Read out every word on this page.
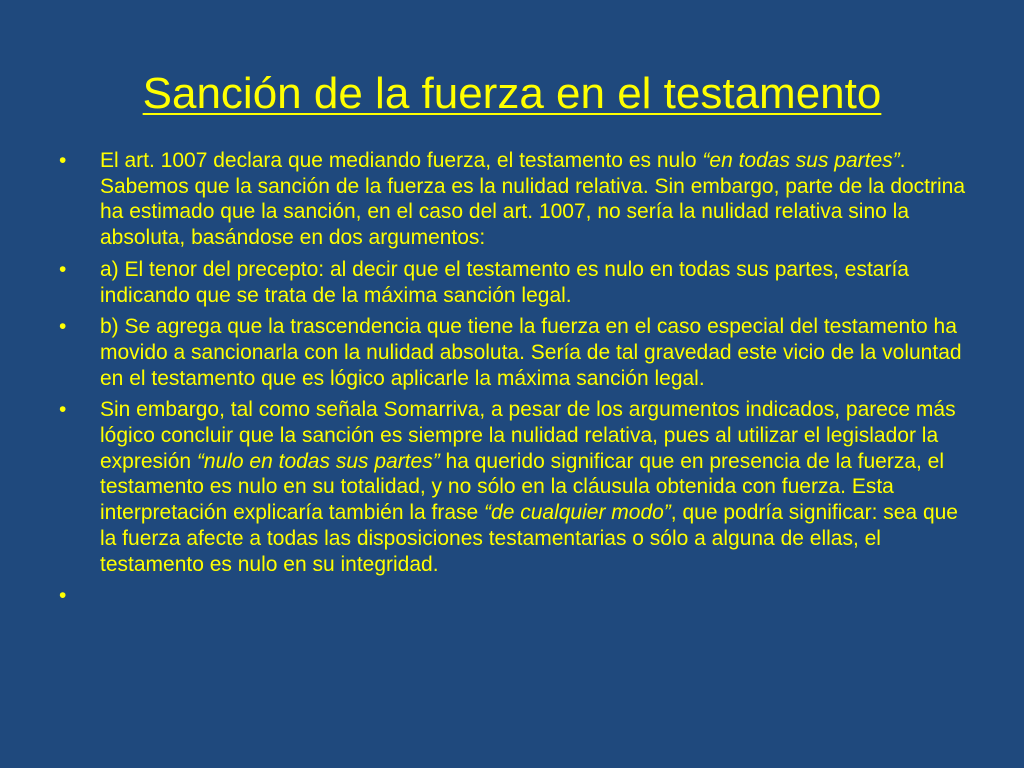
Sanción de la fuerza en el testamento
• El art. 1007 declara que mediando fuerza, el testamento es nulo “en todas sus partes”. Sabemos que la sanción de la fuerza es la nulidad relativa. Sin embargo, parte de la doctrina ha estimado que la sanción, en el caso del art. 1007, no sería la nulidad relativa sino la absoluta, basándose en dos argumentos:
• a) El tenor del precepto: al decir que el testamento es nulo en todas sus partes, estaría indicando que se trata de la máxima sanción legal.
• b) Se agrega que la trascendencia que tiene la fuerza en el caso especial del testamento ha movido a sancionarla con la nulidad absoluta. Sería de tal gravedad este vicio de la voluntad en el testamento que es lógico aplicarle la máxima sanción legal.
• Sin embargo, tal como señala Somarriva, a pesar de los argumentos indicados, parece más lógico concluir que la sanción es siempre la nulidad relativa, pues al utilizar el legislador la expresión “nulo en todas sus partes” ha querido significar que en presencia de la fuerza, el testamento es nulo en su totalidad, y no sólo en la cláusula obtenida con fuerza. Esta interpretación explicaría también la frase “de cualquier modo”, que podría significar: sea que la fuerza afecte a todas las disposiciones testamentarias o sólo a alguna de ellas, el testamento es nulo en su integridad.
•
